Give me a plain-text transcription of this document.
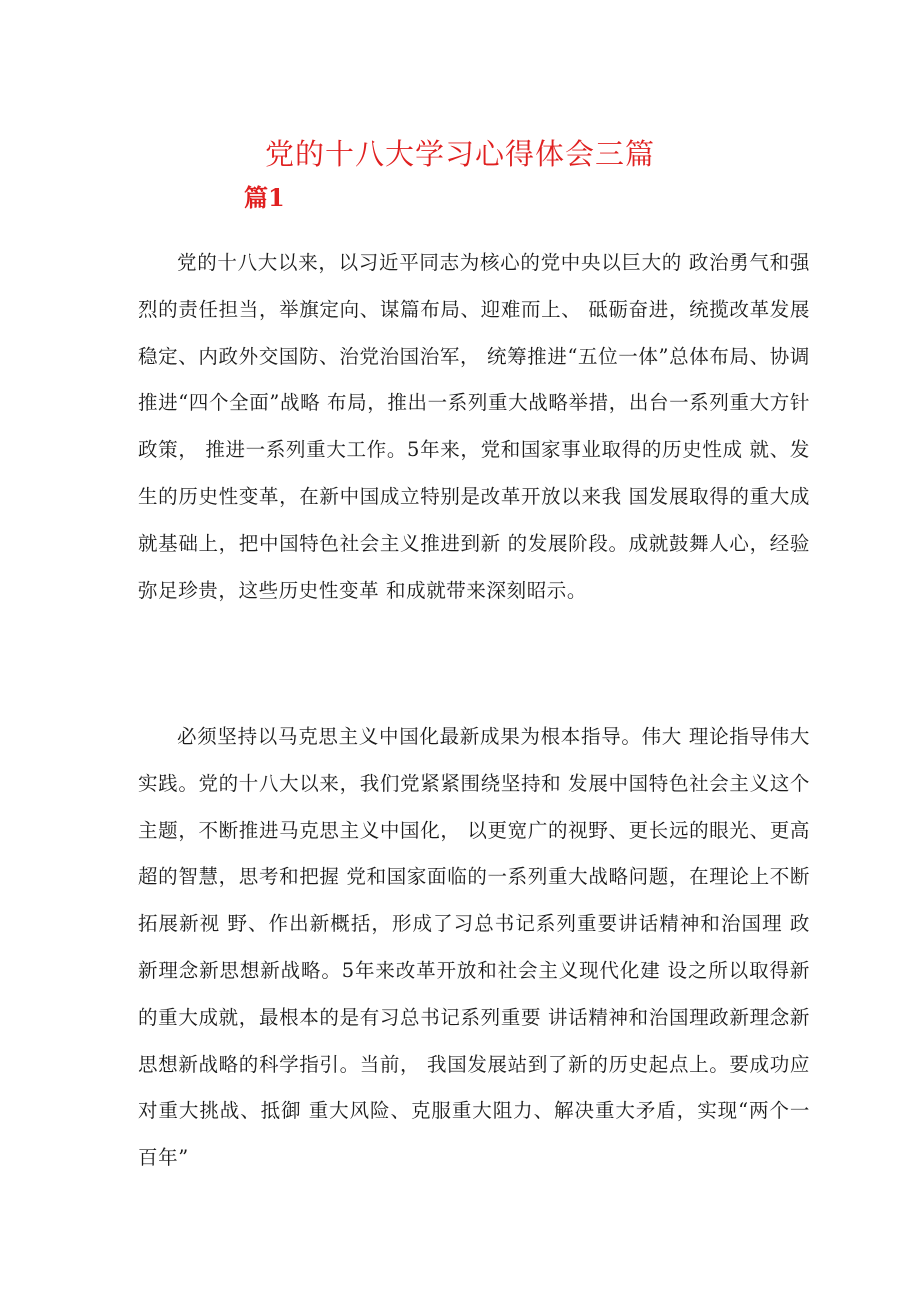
党的十八大学习心得体会三篇
篇1

党的十八大以来，以习近平同志为核心的党中央以巨大的 政治勇气和强烈的责任担当，举旗定向、谋篇布局、迎难而上、 砥砺奋进，统揽改革发展稳定、内政外交国防、治党治国治军， 统筹推进“五位一体”总体布局、协调推进“四个全面”战略 布局，推出一系列重大战略举措，出台一系列重大方针政策， 推进一系列重大工作。5年来，党和国家事业取得的历史性成 就、发生的历史性变革，在新中国成立特别是改革开放以来我 国发展取得的重大成就基础上，把中国特色社会主义推进到新 的发展阶段。成就鼓舞人心，经验弥足珍贵，这些历史性变革 和成就带来深刻昭示。

必须坚持以马克思主义中国化最新成果为根本指导。伟大 理论指导伟大实践。党的十八大以来，我们党紧紧围绕坚持和 发展中国特色社会主义这个主题，不断推进马克思主义中国化， 以更宽广的视野、更长远的眼光、更高超的智慧，思考和把握 党和国家面临的一系列重大战略问题，在理论上不断拓展新视 野、作出新概括，形成了习总书记系列重要讲话精神和治国理 政新理念新思想新战略。5年来改革开放和社会主义现代化建 设之所以取得新的重大成就，最根本的是有习总书记系列重要 讲话精神和治国理政新理念新思想新战略的科学指引。当前， 我国发展站到了新的历史起点上。要成功应对重大挑战、抵御 重大风险、克服重大阻力、解决重大矛盾，实现“两个一百年”
